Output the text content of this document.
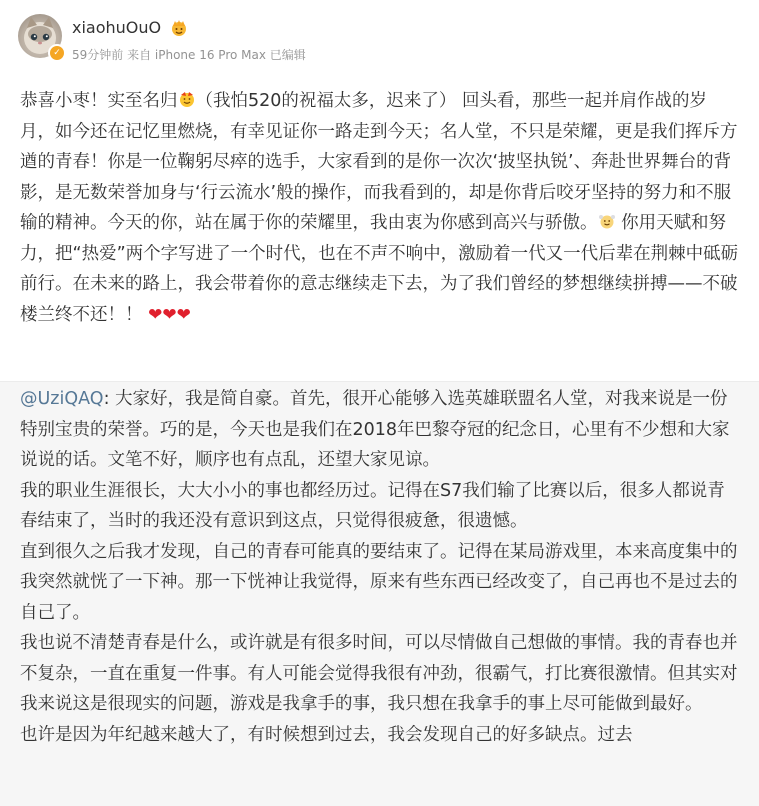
✓
xiaohuOuO
59分钟前 来自 iPhone 16 Pro Max 已编辑
恭喜小枣！实至名归 （我怕520的祝福太多，迟来了） 回头看，那些一起并肩作战的岁月，如今还在记忆里燃烧，有幸见证你一路走到今天；名人堂，不只是荣耀，更是我们挥斥方遒的青春！你是一位鞠躬尽瘁的选手，大家看到的是你一次次‘披坚执锐’、奔赴世界舞台的背影，是无数荣誉加身与‘行云流水’般的操作，而我看到的，却是你背后咬牙坚持的努力和不服输的精神。今天的你，站在属于你的荣耀里，我由衷为你感到高兴与骄傲。 你用天赋和努力，把“热爱”两个字写进了一个时代，也在不声不响中，激励着一代又一代后辈在荆棘中砥砺前行。在未来的路上，我会带着你的意志继续走下去，为了我们曾经的梦想继续拼搏——不破楼兰终不还！！ ❤❤❤
@UziQAQ: 大家好，我是简自豪。首先，很开心能够入选英雄联盟名人堂，对我来说是一份特别宝贵的荣誉。巧的是，今天也是我们在2018年巴黎夺冠的纪念日，心里有不少想和大家说说的话。文笔不好，顺序也有点乱，还望大家见谅。
我的职业生涯很长，大大小小的事也都经历过。记得在S7我们输了比赛以后，很多人都说青春结束了，当时的我还没有意识到这点，只觉得很疲惫，很遗憾。
直到很久之后我才发现，自己的青春可能真的要结束了。记得在某局游戏里，本来高度集中的我突然就恍了一下神。那一下恍神让我觉得，原来有些东西已经改变了，自己再也不是过去的自己了。
我也说不清楚青春是什么，或许就是有很多时间，可以尽情做自己想做的事情。我的青春也并不复杂，一直在重复一件事。有人可能会觉得我很有冲劲，很霸气，打比赛很激情。但其实对我来说这是很现实的问题，游戏是我拿手的事，我只想在我拿手的事上尽可能做到最好。
也许是因为年纪越来越大了，有时候想到过去，我会发现自己的好多缺点。过去
